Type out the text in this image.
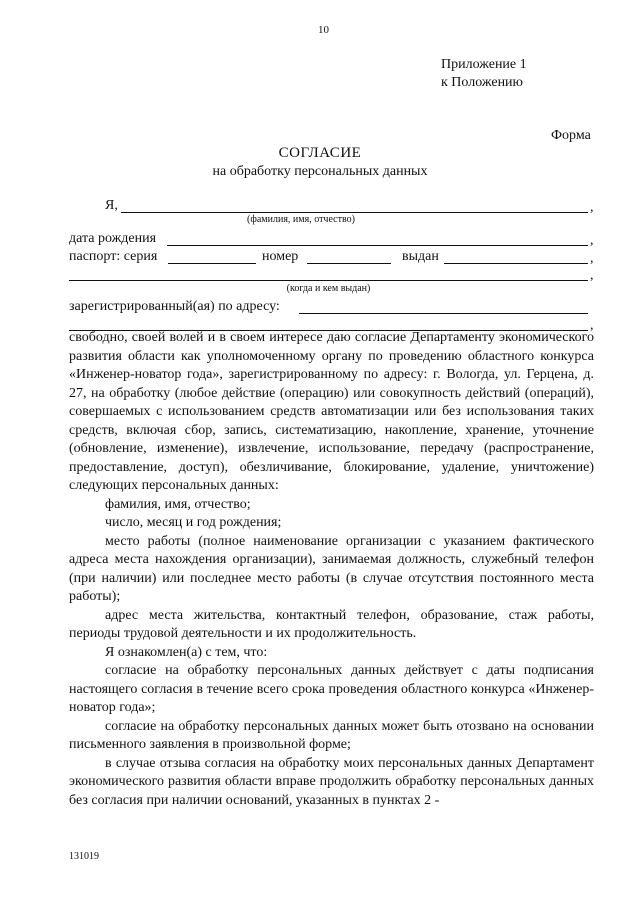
10
Приложение 1
к Положению
Форма
СОГЛАСИЕ
на обработку персональных данных
Я,	,
(фамилия, имя, отчество)
дата рождения	,
паспорт: серия	номер	выдан	,
,
(когда и кем выдан)
зарегистрированный(ая) по адресу:
,

свободно, своей волей и в своем интересе даю согласие Департаменту экономического развития области как уполномоченному органу по проведению областного конкурса «Инженер-новатор года», зарегистрированному по адресу: г. Вологда, ул. Герцена, д. 27, на обработку (любое действие (операцию) или совокупность действий (операций), совершаемых с использованием средств автоматизации или без использования таких средств, включая сбор, запись, систематизацию, накопление, хранение, уточнение (обновление, изменение), извлечение, использование, передачу (распространение, предоставление, доступ), обезличивание, блокирование, удаление, уничтожение) следующих персональных данных:

фамилия, имя, отчество;

число, месяц и год рождения;

место работы (полное наименование организации с указанием фактического адреса места нахождения организации), занимаемая должность, служебный телефон (при наличии) или последнее место работы (в случае отсутствия постоянного места работы);

адрес места жительства, контактный телефон, образование, стаж работы, периоды трудовой деятельности и их продолжительность.

Я ознакомлен(а) с тем, что:

согласие на обработку персональных данных действует с даты подписания настоящего согласия в течение всего срока проведения областного конкурса «Инженер-новатор года»;

согласие на обработку персональных данных может быть отозвано на основании письменного заявления в произвольной форме;

в случае отзыва согласия на обработку моих персональных данных Департамент экономического развития области вправе продолжить обработку персональных данных без согласия при наличии оснований, указанных в пунктах 2 -

131019
